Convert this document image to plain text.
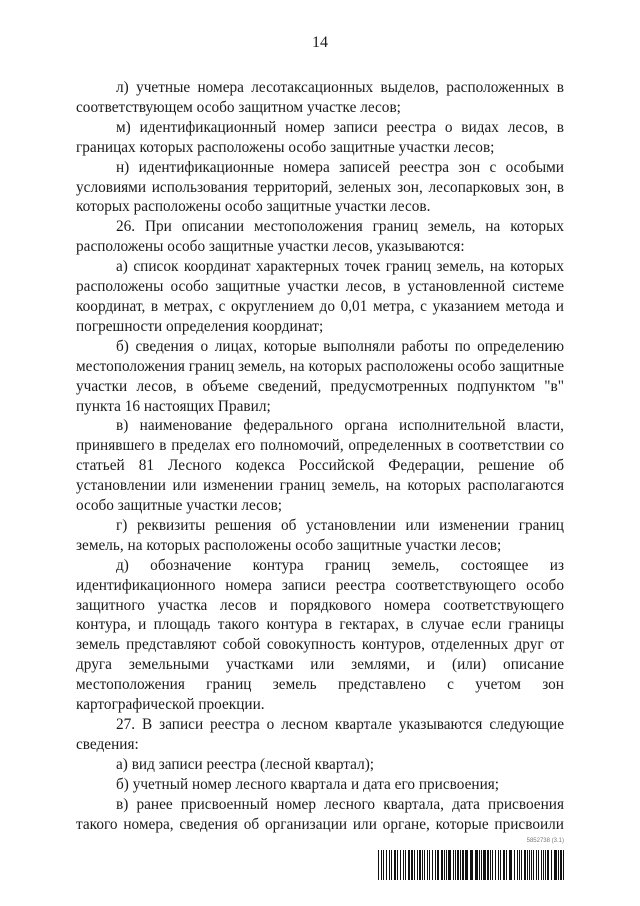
14

л) учетные номера лесотаксационных выделов, расположенных в соответствующем особо защитном участке лесов;

м) идентификационный номер записи реестра о видах лесов, в границах которых расположены особо защитные участки лесов;

н) идентификационные номера записей реестра зон с особыми условиями использования территорий, зеленых зон, лесопарковых зон, в которых расположены особо защитные участки лесов.

26. При описании местоположения границ земель, на которых расположены особо защитные участки лесов, указываются:

а) список координат характерных точек границ земель, на которых расположены особо защитные участки лесов, в установленной системе координат, в метрах, с округлением до 0,01 метра, с указанием метода и погрешности определения координат;

б) сведения о лицах, которые выполняли работы по определению местоположения границ земель, на которых расположены особо защитные участки лесов, в объеме сведений, предусмотренных подпунктом "в" пункта 16 настоящих Правил;

в) наименование федерального органа исполнительной власти, принявшего в пределах его полномочий, определенных в соответствии со статьей 81 Лесного кодекса Российской Федерации, решение об установлении или изменении границ земель, на которых располагаются особо защитные участки лесов;

г) реквизиты решения об установлении или изменении границ земель, на которых расположены особо защитные участки лесов;

д) обозначение контура границ земель, состоящее из идентификационного номера записи реестра соответствующего особо защитного участка лесов и порядкового номера соответствующего контура, и площадь такого контура в гектарах, в случае если границы земель представляют собой совокупность контуров, отделенных друг от друга земельными участками или землями, и (или) описание местоположения границ земель представлено с учетом зон картографической проекции.

27. В записи реестра о лесном квартале указываются следующие сведения:

а) вид записи реестра (лесной квартал);

б) учетный номер лесного квартала и дата его присвоения;

в) ранее присвоенный номер лесного квартала, дата присвоения такого номера, сведения об организации или органе, которые присвоили

5852738 (3.1)
